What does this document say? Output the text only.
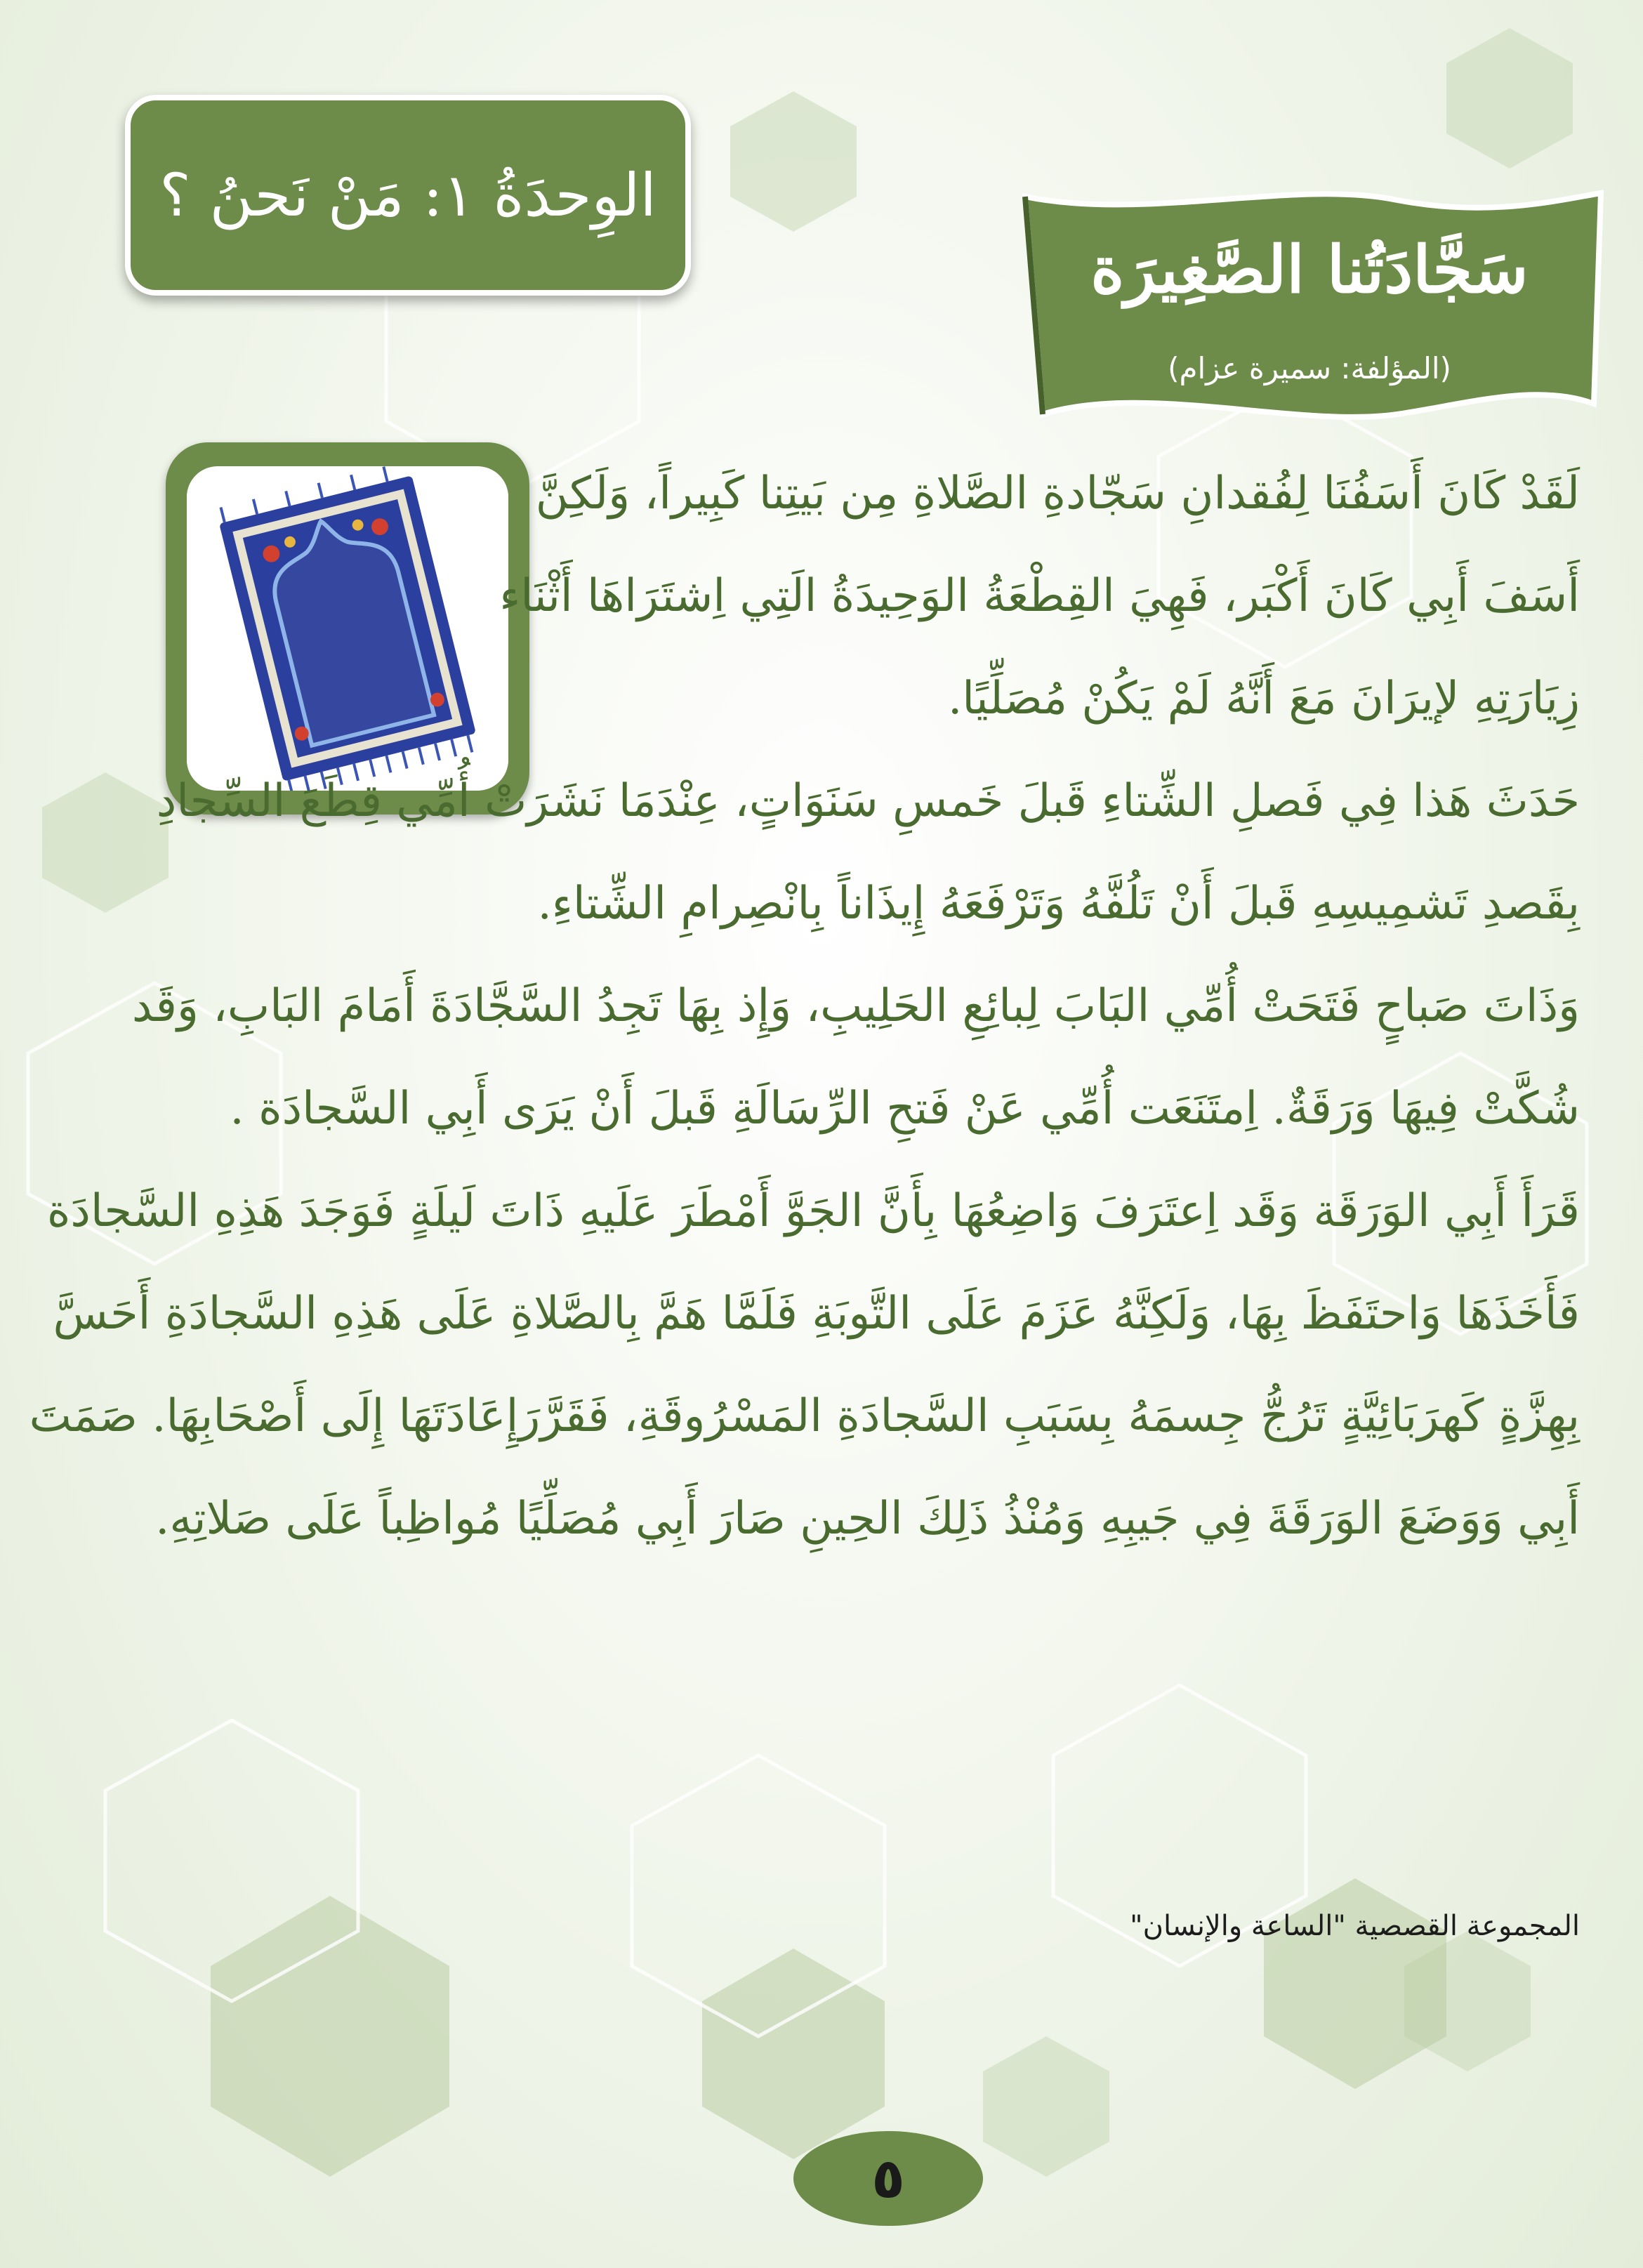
الوِحدَةُ ١: مَنْ نَحنُ ؟
سَجَّادَتُنا الصَّغِيرَة
(المؤلفة: سميرة عزام)
لَقَدْ كَانَ أَسَفُنَا لِفُقدانِ سَجّادةِ الصَّلاةِ مِن بَيتِنا كَبِيراً، وَلَكِنَّ
أَسَفَ أَبِي كَانَ أَكْبَر، فَهِيَ القِطْعَةُ الوَحِيدَةُ الَتِي اِشتَرَاهَا أَثْنَاء
زِيَارَتِهِ لإيرَانَ مَعَ أَنَّهُ لَمْ يَكُنْ مُصَلِّيًا.
حَدَثَ هَذا فِي فَصلِ الشِّتاءِ قَبلَ خَمسِ سَنَوَاتٍ، عِنْدَمَا نَشَرَتْ أُمِّي قِطَعَ السِّجادِ
بِقَصدِ تَشمِيسِهِ قَبلَ أَنْ تَلُفَّهُ وَتَرْفَعَهُ إِيذَاناً بِانْصِرامِ الشِّتاءِ.
وَذَاتَ صَباحٍ فَتَحَتْ أُمِّي البَابَ لِبائِعِ الحَلِيبِ، وَإِذ بِهَا تَجِدُ السَّجَّادَةَ أَمَامَ البَابِ، وَقَد
شُكَّتْ فِيهَا وَرَقَةٌ. اِمتَنَعَت أُمِّي عَنْ فَتحِ الرِّسَالَةِ قَبلَ أَنْ يَرَى أَبِي السَّجادَة .
قَرَأَ أَبِي الوَرَقَة وَقَد اِعتَرَفَ وَاضِعُهَا بِأَنَّ الجَوَّ أَمْطَرَ عَلَيهِ ذَاتَ لَيلَةٍ فَوَجَدَ هَذِهِ السَّجادَة
فَأَخَذَهَا وَاحتَفَظَ بِهَا، وَلَكِنَّهُ عَزَمَ عَلَى التَّوبَةِ فَلَمَّا هَمَّ بِالصَّلاةِ عَلَى هَذِهِ السَّجادَةِ أَحَسَّ
بِهِزَّةٍ كَهرَبَائِيَّةٍ تَرُجُّ جِسمَهُ بِسَبَبِ السَّجادَةِ المَسْرُوقَةِ، فَقَرَّرَإِعَادَتَهَا إِلَى أَصْحَابِهَا. صَمَتَ
أَبِي وَوَضَعَ الوَرَقَةَ فِي جَيبِهِ وَمُنْذُ ذَلِكَ الحِينِ صَارَ أَبِي مُصَلِّيًا مُواظِباً عَلَى صَلاتِهِ.
المجموعة القصصية "الساعة والإنسان"
٥
